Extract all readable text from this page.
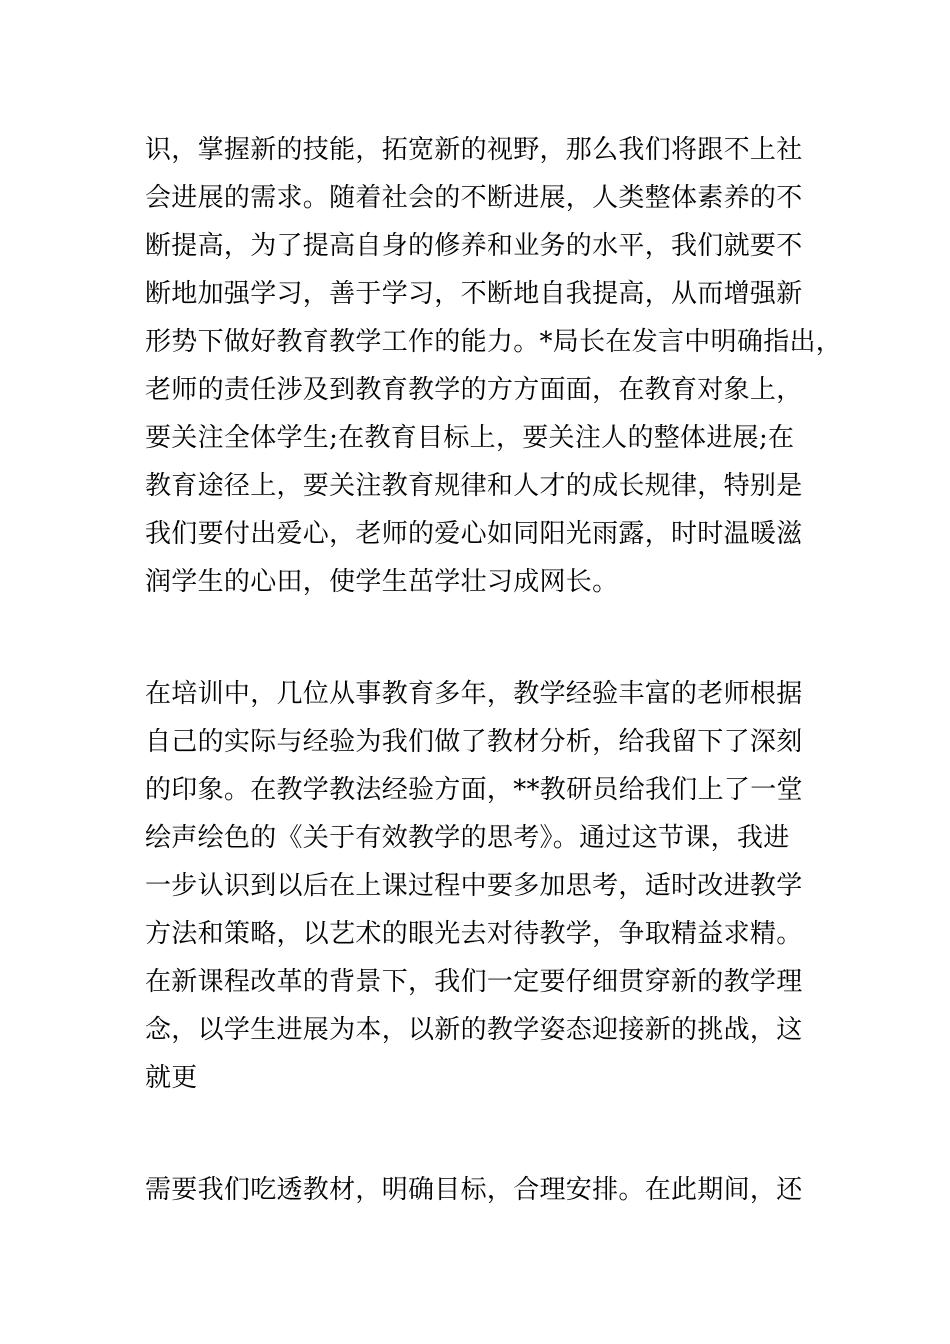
识，掌握新的技能，拓宽新的视野，那么我们将跟不上社
会进展的需求。随着社会的不断进展，人类整体素养的不
断提高，为了提高自身的修养和业务的水平，我们就要不
断地加强学习，善于学习，不断地自我提高，从而增强新
形势下做好教育教学工作的能力。*局长在发言中明确指出，
老师的责任涉及到教育教学的方方面面，在教育对象上，
要关注全体学生;在教育目标上，要关注人的整体进展;在
教育途径上，要关注教育规律和人才的成长规律，特别是
我们要付出爱心，老师的爱心如同阳光雨露，时时温暖滋
润学生的心田，使学生茁学壮习成网长。
在培训中，几位从事教育多年，教学经验丰富的老师根据
自己的实际与经验为我们做了教材分析，给我留下了深刻
的印象。在教学教法经验方面，**教研员给我们上了一堂
绘声绘色的《关于有效教学的思考》。通过这节课，我进
一步认识到以后在上课过程中要多加思考，适时改进教学
方法和策略，以艺术的眼光去对待教学，争取精益求精。
在新课程改革的背景下，我们一定要仔细贯穿新的教学理
念，以学生进展为本，以新的教学姿态迎接新的挑战，这
就更
需要我们吃透教材，明确目标，合理安排。在此期间，还
